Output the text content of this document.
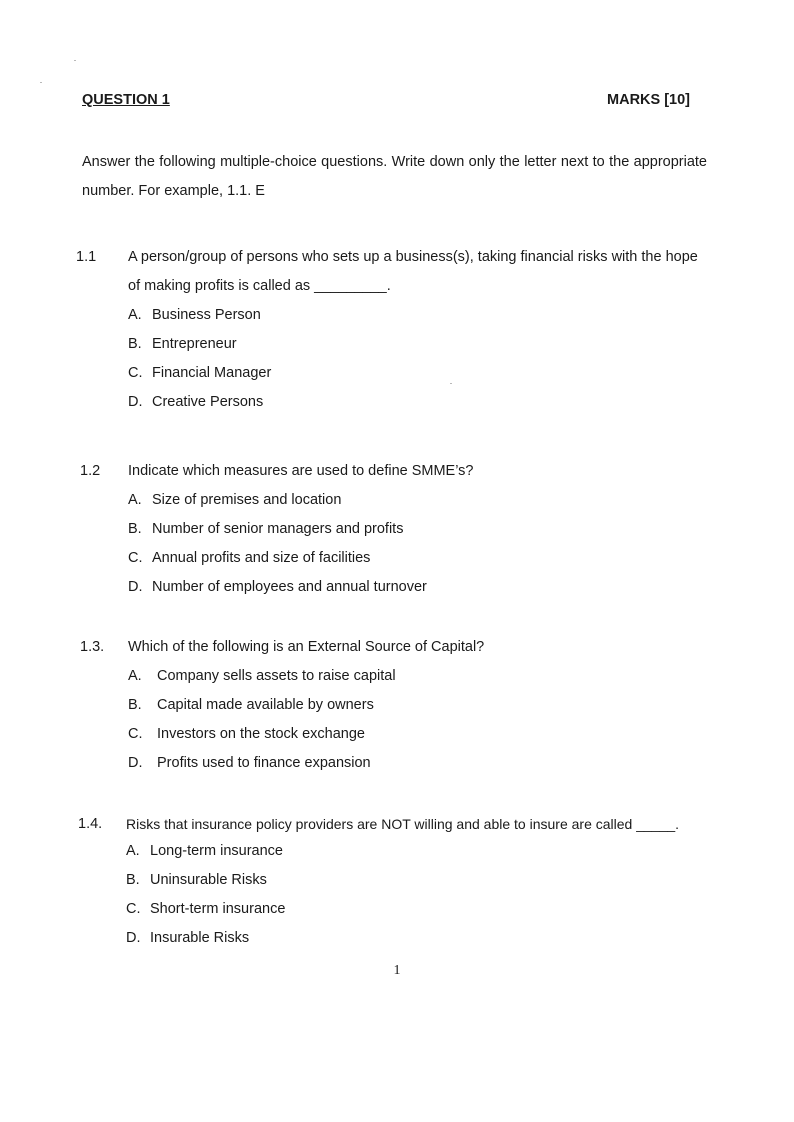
QUESTION 1	MARKS [10]
Answer the following multiple-choice questions. Write down only the letter next to the appropriate number. For example, 1.1. E
1.1 A person/group of persons who sets up a business(s), taking financial risks with the hope of making profits is called as _________.
A. Business Person
B. Entrepreneur
C. Financial Manager
D. Creative Persons
1.2 Indicate which measures are used to define SMME’s?
A. Size of premises and location
B. Number of senior managers and profits
C. Annual profits and size of facilities
D. Number of employees and annual turnover
1.3. Which of the following is an External Source of Capital?
A. Company sells assets to raise capital
B. Capital made available by owners
C. Investors on the stock exchange
D. Profits used to finance expansion
1.4. Risks that insurance policy providers are NOT willing and able to insure are called _____.
A. Long-term insurance
B. Uninsurable Risks
C. Short-term insurance
D. Insurable Risks
1
